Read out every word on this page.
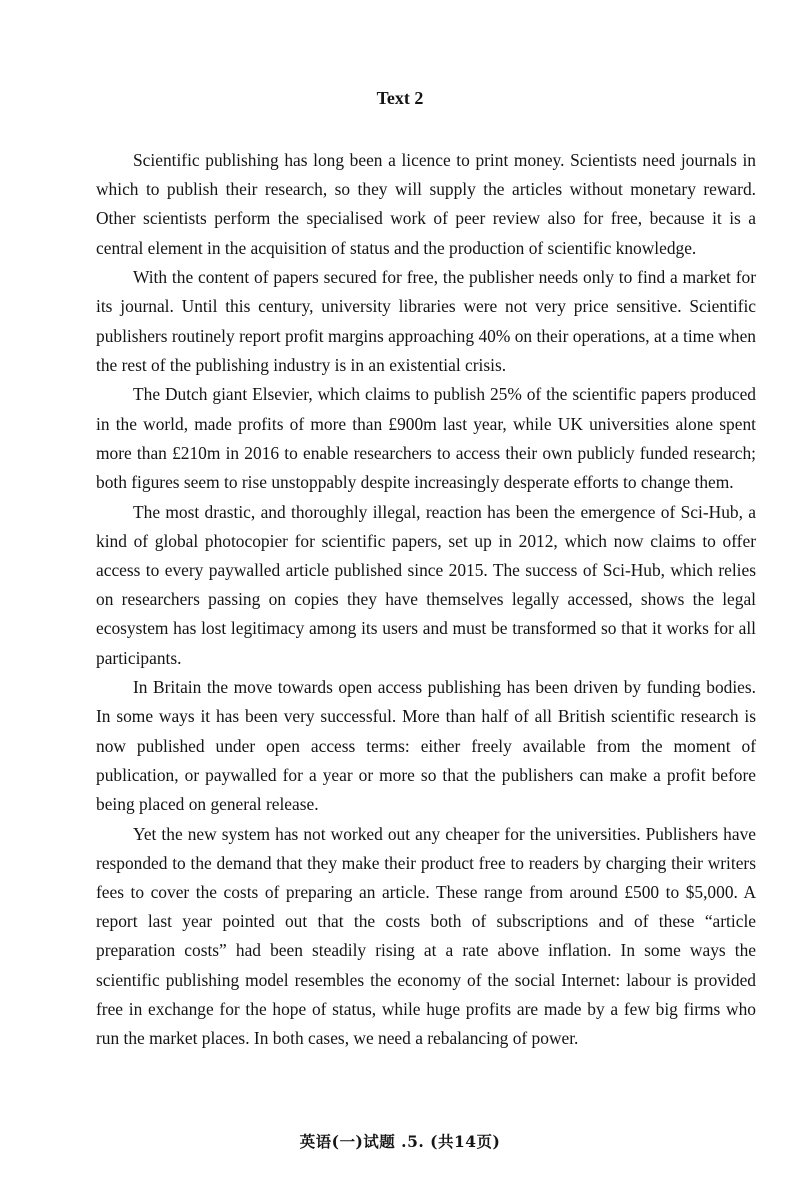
Text 2

Scientific publishing has long been a licence to print money. Scientists need journals in which to publish their research, so they will supply the articles without monetary reward. Other scientists perform the specialised work of peer review also for free, because it is a central element in the acquisition of status and the production of scientific knowledge.

With the content of papers secured for free, the publisher needs only to find a market for its journal. Until this century, university libraries were not very price sensitive. Scientific publishers routinely report profit margins approaching 40% on their operations, at a time when the rest of the publishing industry is in an existential crisis.

The Dutch giant Elsevier, which claims to publish 25% of the scientific papers produced in the world, made profits of more than £900m last year, while UK universities alone spent more than £210m in 2016 to enable researchers to access their own publicly funded research; both figures seem to rise unstoppably despite increasingly desperate efforts to change them.

The most drastic, and thoroughly illegal, reaction has been the emergence of Sci-Hub, a kind of global photocopier for scientific papers, set up in 2012, which now claims to offer access to every paywalled article published since 2015. The success of Sci-Hub, which relies on researchers passing on copies they have themselves legally accessed, shows the legal ecosystem has lost legitimacy among its users and must be transformed so that it works for all participants.

In Britain the move towards open access publishing has been driven by funding bodies. In some ways it has been very successful. More than half of all British scientific research is now published under open access terms: either freely available from the moment of publication, or paywalled for a year or more so that the publishers can make a profit before being placed on general release.

Yet the new system has not worked out any cheaper for the universities. Publishers have responded to the demand that they make their product free to readers by charging their writers fees to cover the costs of preparing an article. These range from around £500 to $5,000. A report last year pointed out that the costs both of subscriptions and of these “article preparation costs” had been steadily rising at a rate above inflation. In some ways the scientific publishing model resembles the economy of the social Internet: labour is provided free in exchange for the hope of status, while huge profits are made by a few big firms who run the market places. In both cases, we need a rebalancing of power.

英语(一)试题 .5. (共14页)
